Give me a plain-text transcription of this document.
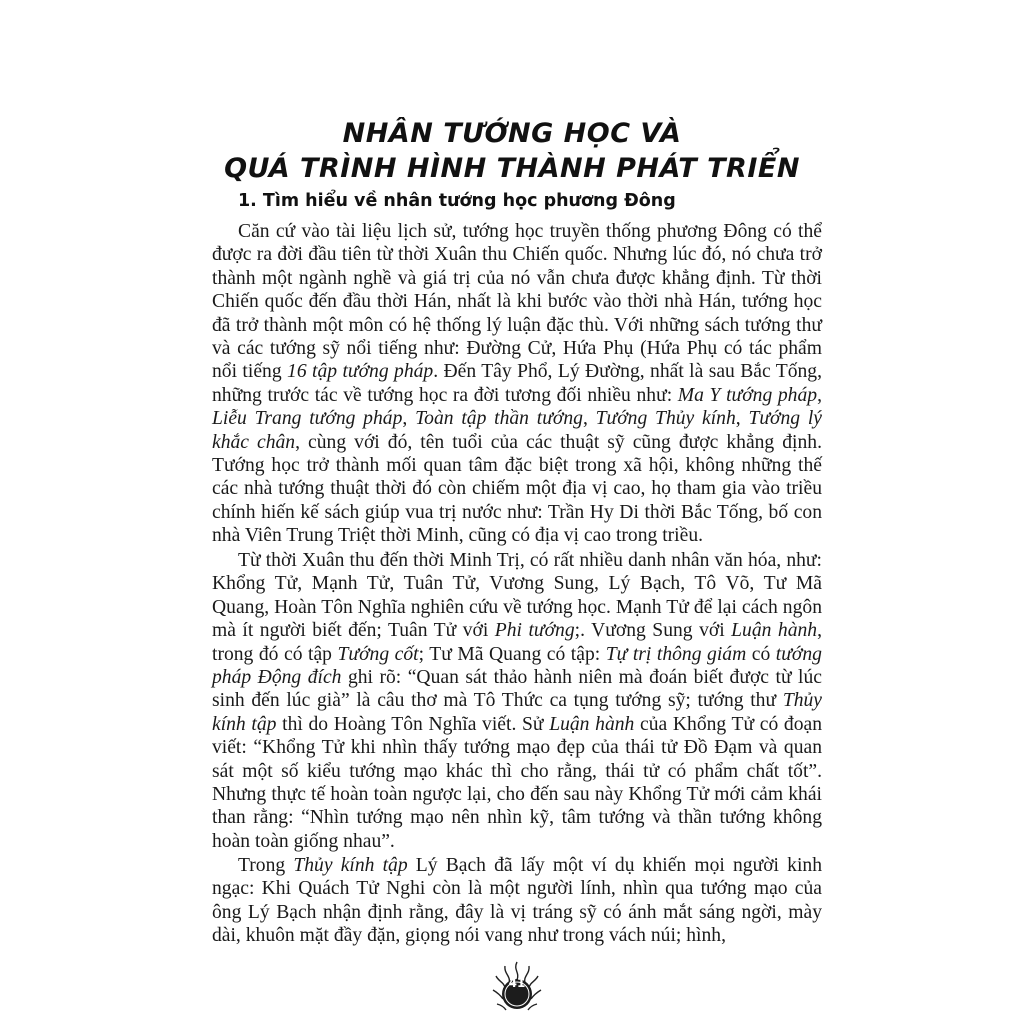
NHÂN TƯỚNG HỌC VÀ
QUÁ TRÌNH HÌNH THÀNH PHÁT TRIỂN
1. Tìm hiểu về nhân tướng học phương Đông

Căn cứ vào tài liệu lịch sử, tướng học truyền thống phương Đông có thể được ra đời đầu tiên từ thời Xuân thu Chiến quốc. Nhưng lúc đó, nó chưa trở thành một ngành nghề và giá trị của nó vẫn chưa được khẳng định. Từ thời Chiến quốc đến đầu thời Hán, nhất là khi bước vào thời nhà Hán, tướng học đã trở thành một môn có hệ thống lý luận đặc thù. Với những sách tướng thư và các tướng sỹ nổi tiếng như: Đường Cử, Hứa Phụ (Hứa Phụ có tác phẩm nổi tiếng 16 tập tướng pháp. Đến Tây Phổ, Lý Đường, nhất là sau Bắc Tống, những trước tác về tướng học ra đời tương đối nhiều như: Ma Y tướng pháp, Liễu Trang tướng pháp, Toàn tập thần tướng, Tướng Thủy kính, Tướng lý khắc chân, cùng với đó, tên tuổi của các thuật sỹ cũng được khẳng định. Tướng học trở thành mối quan tâm đặc biệt trong xã hội, không những thế các nhà tướng thuật thời đó còn chiếm một địa vị cao, họ tham gia vào triều chính hiến kế sách giúp vua trị nước như: Trần Hy Di thời Bắc Tống, bố con nhà Viên Trung Triệt thời Minh, cũng có địa vị cao trong triều.

Từ thời Xuân thu đến thời Minh Trị, có rất nhiều danh nhân văn hóa, như: Khổng Tử, Mạnh Tử, Tuân Tử, Vương Sung, Lý Bạch, Tô Võ, Tư Mã Quang, Hoàn Tôn Nghĩa nghiên cứu về tướng học. Mạnh Tử để lại cách ngôn mà ít người biết đến; Tuân Tử với Phi tướng;. Vương Sung với Luận hành, trong đó có tập Tướng cốt; Tư Mã Quang có tập: Tự trị thông giám có tướng pháp Động đích ghi rõ: “Quan sát thảo hành niên mà đoán biết được từ lúc sinh đến lúc già” là câu thơ mà Tô Thức ca tụng tướng sỹ; tướng thư Thủy kính tập thì do Hoàng Tôn Nghĩa viết. Sử Luận hành của Khổng Tử có đoạn viết: “Khổng Tử khi nhìn thấy tướng mạo đẹp của thái tử Đồ Đạm và quan sát một số kiểu tướng mạo khác thì cho rằng, thái tử có phẩm chất tốt”. Nhưng thực tế hoàn toàn ngược lại, cho đến sau này Khổng Tử mới cảm khái than rằng: “Nhìn tướng mạo nên nhìn kỹ, tâm tướng và thần tướng không hoàn toàn giống nhau”.

Trong Thủy kính tập Lý Bạch đã lấy một ví dụ khiến mọi người kinh ngạc: Khi Quách Tử Nghi còn là một người lính, nhìn qua tướng mạo của ông Lý Bạch nhận định rằng, đây là vị tráng sỹ có ánh mắt sáng ngời, mày dài, khuôn mặt đầy đặn, giọng nói vang như trong vách núi; hình,

41
